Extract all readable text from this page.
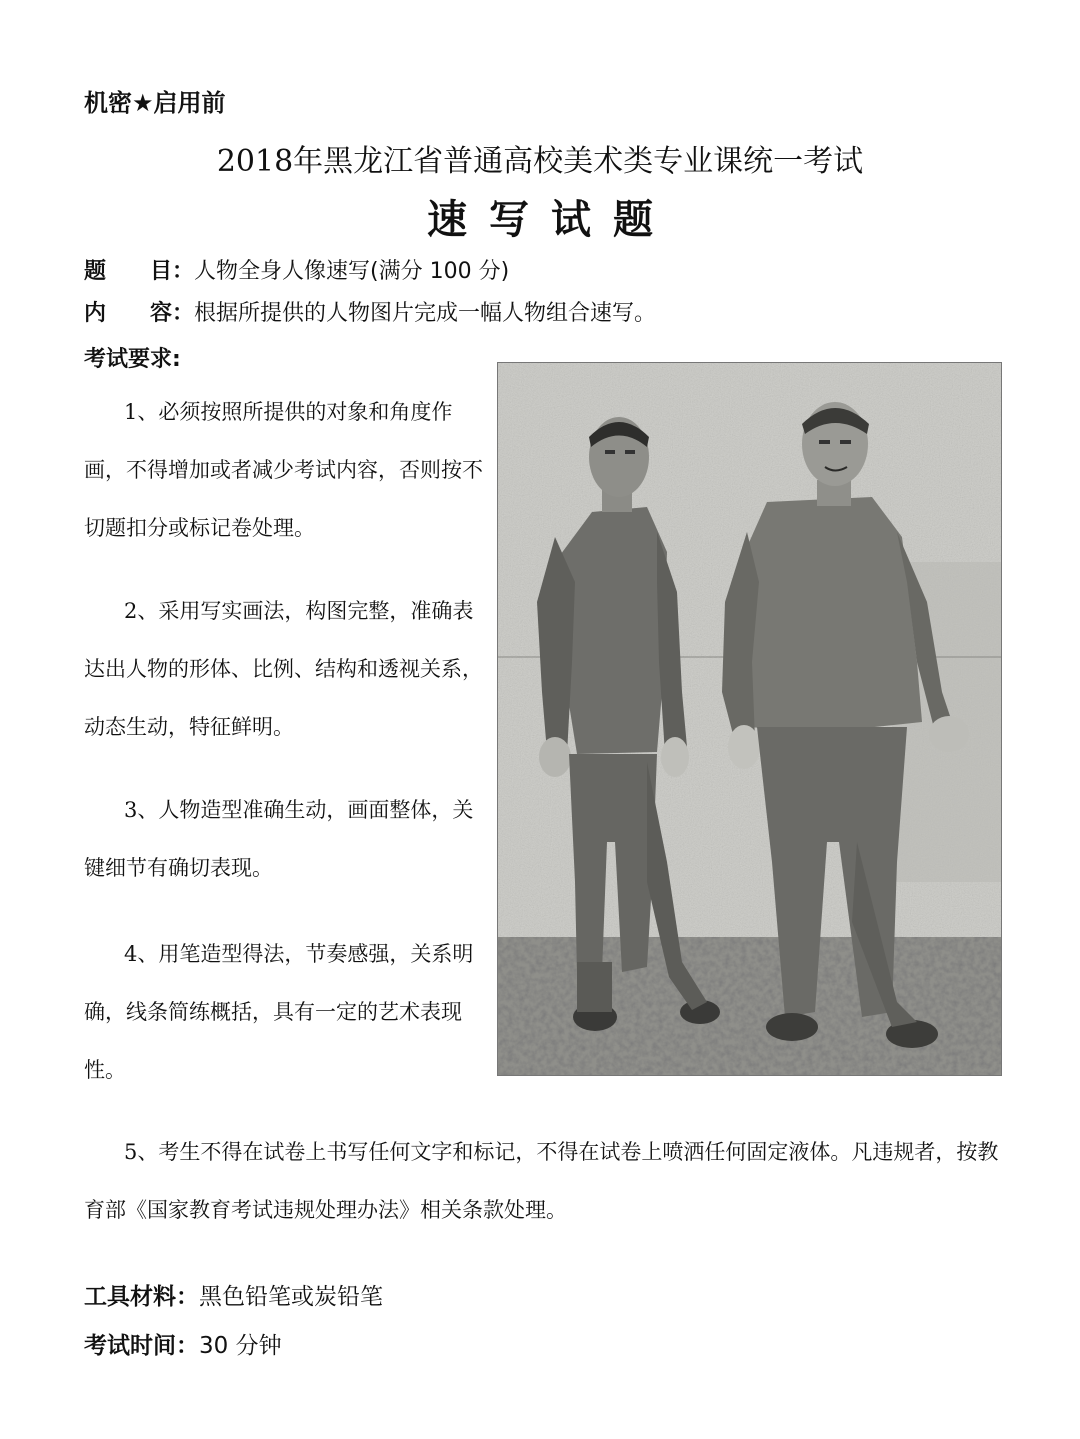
机密★启用前
2018年黑龙江省普通高校美术类专业课统一考试
速写试题
题　　目：人物全身人像速写(满分 100 分)
内　　容：根据所提供的人物图片完成一幅人物组合速写。
考试要求:

1、必须按照所提供的对象和角度作画，不得增加或者减少考试内容，否则按不切题扣分或标记卷处理。

2、采用写实画法，构图完整，准确表达出人物的形体、比例、结构和透视关系，动态生动，特征鲜明。

3、人物造型准确生动，画面整体，关键细节有确切表现。

4、用笔造型得法，节奏感强，关系明确，线条简练概括，具有一定的艺术表现性。

5、考生不得在试卷上书写任何文字和标记，不得在试卷上喷洒任何固定液体。凡违规者，按教育部《国家教育考试违规处理办法》相关条款处理。

工具材料：黑色铅笔或炭铅笔
考试时间：30 分钟
